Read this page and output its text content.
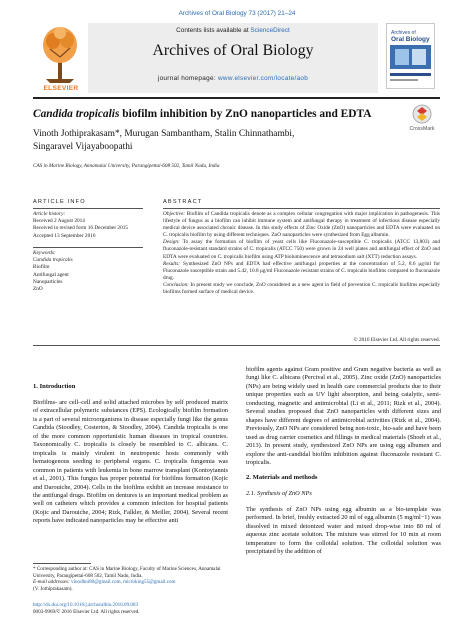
Archives of Oral Biology 73 (2017) 21–24
ELSEVIER
Contents lists available at ScienceDirect
Archives of Oral Biology
journal homepage: www.elsevier.com/locate/aob
Archives of
Oral Biology
Candida tropicalis biofilm inhibition by ZnO nanoparticles and EDTA
CrossMark
Vinoth Jothiprakasam*, Murugan Sambantham, Stalin Chinnathambi,
Singaravel Vijayaboopathi
CAS in Marine Biology, Annamalai University, Parangipettai-608 502, Tamil Nadu, India
ARTICLE INFO
Article history:
Received 2 August 2014
Received in revised form 16 December 2015
Accepted 13 September 2016
Keywords:
Candida tropicalis
Biofilm
Antifungal agent
Nanoparticles
ZnO
ABSTRACT
Objective: Biofilm of Candida tropicalis denote as a complex cellular congregation with major implication in pathogenesis. This lifestyle of fungus as a biofilm can inhibit immune system and antifungal therapy in treatment of infectious disease especially medical device associated chronic disease. In this study effects of Zinc Oxide (ZnO) nanoparticles and EDTA were evaluated on C. tropicalis biofilm by using different techniques. ZnO nanoparticles were synthesized from Egg albumin.
Design: To assay the formation of biofilm of yeast cells like Fluconazole-susceptible C. tropicalis (ATCC 13,803) and fluconazole-resistant standard strains of C. tropicalis (ATCC 750) were grown in 24 well plates and antifungal effect of ZnO and EDTA were evaluated on C. tropicalis biofilm using ATP bioluminescence and tetrasodium salt (XTT) reduction assays.
Results: Synthesized ZnO NPs and EDTA had effective antifungal properties at the concentration of 5.2, 8.6 μg/ml for Fluconazole susceptible strain and 5.42, 10.8 μg/ml Fluconazole resistant strains of C. tropicalis biofilms compared to fluconazole drug.
Conclusion: In present study we conclude, ZnO considered as a new agent in field of prevention C. tropicalis biofilms especially biofilms formed surface of medical device.
© 2016 Elsevier Ltd. All rights reserved.
1. Introduction
Biofilms- are cell–cell and solid attached microbes by self produced matrix of extracellular polymeric substances (EPS). Ecologically biofilm formation is a part of several microorganisms in disease especially fungi like the genus Candida (Stoodley, Costerton, & Stoodley, 2004). Candida tropicalis is one of the more common opportunistic human diseases in tropical countries. Taxonomically C. tropicalis is closely be resembled to C. albicans. C. tropicalis is mainly virulent in neutropenic hosts commonly with hematogenous seeding to peripheral organs. C. tropicalis fungemia was common in patients with leukemia in bone marrow transplant (Kontoyiannis et al., 2001). This fungus has proper potential for biofilms formation (Kojic and Darouiche, 2004). Cells in the biofilms exhibit an increase resistance to the antifungal drugs. Biofilm on dentures is an important medical problem as well on catheters which provides a common infection for hospital patients (Kojic and Darouiche, 2004; Rizk, Falkler, & Meiller, 2004). Several recent reports have indicated nanoparticles may be effective anti
biofilm agents against Gram positive and Gram negative bacteria as well as fungi like C. albicans (Percival et al., 2005). Zinc oxide (ZnO) nanoparticles (NPs) are being widely used in health care commercial products due to their unique properties such as UV light absorption, and being catalytic, semi-conducting, magnetic and antimicrobial (Li et al., 2011; Rizk et al., 2004). Several studies proposed that ZnO nanoparticles with different sizes and shapes have different degrees of antimicrobial activities (Rizk et al., 2004). Previously, ZnO NPs are considered being non-toxic, bio-safe and have been used as drug carrier cosmetics and fillings in medical materials (Shoeb et al., 2013). In present study, synthesized ZnO NPs are using egg albumen and explore the anti-candidal biofilm inhibition against fluconazole resistant C. tropicalis.
2. Materials and methods
2.1. Synthesis of ZnO NPs
The synthesis of ZnO NPs using egg albumin as a bio-template was performed. In brief, freshly extracted 20 ml of egg albumin (5 mg/ml−1) was dissolved in mixed deionized water and mixed drop-wise into 80 ml of aqueous zinc acetate solution. The mixture was stirred for 10 min at room temperature to form the colloidal solution. The colloidal solution was precipitated by the addition of
* Corresponding author at: CAS in Marine Biology, Faculty of Marine Sciences, Annamalai University, Parangipettai-608 502, Tamil Nadu, India.
E-mail addresses: vinodhni80@gmail.com, microking55@gmail.com
(V. Jothiprakasam).
http://dx.doi.org/10.1016/j.archoralbio.2016.09.003
0003-9969/© 2016 Elsevier Ltd. All rights reserved.
